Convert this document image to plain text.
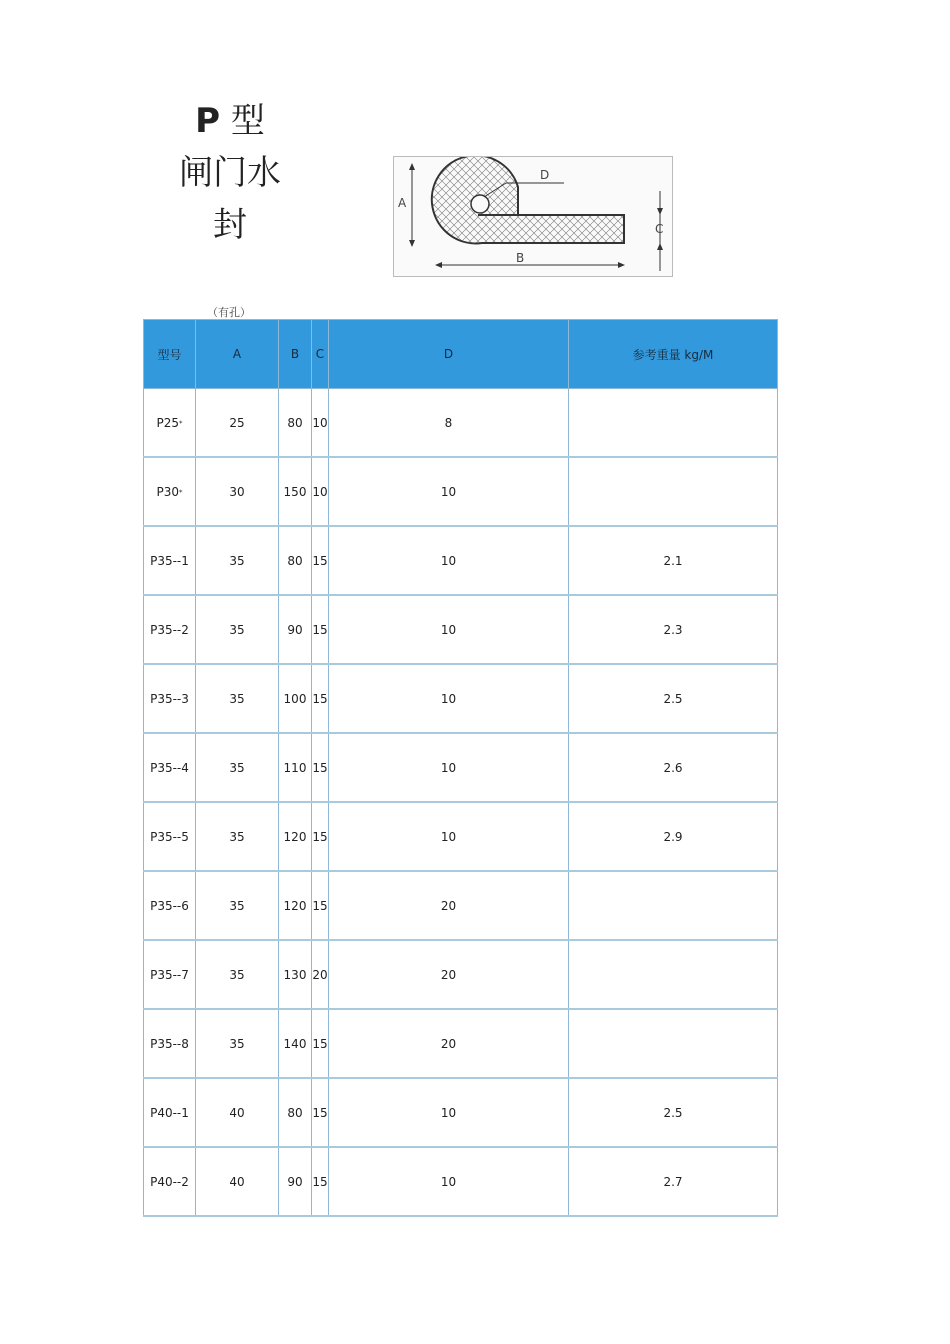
P 型
闸门水
封
D
A
B
C
（有孔）
型号	A	B	C	D	参考重量 kg/M
P25*	25	80	10	8	
P30*	30	150	10	10	
P35--1	35	80	15	10	2.1
P35--2	35	90	15	10	2.3
P35--3	35	100	15	10	2.5
P35--4	35	110	15	10	2.6
P35--5	35	120	15	10	2.9
P35--6	35	120	15	20	
P35--7	35	130	20	20	
P35--8	35	140	15	20	
P40--1	40	80	15	10	2.5
P40--2	40	90	15	10	2.7
